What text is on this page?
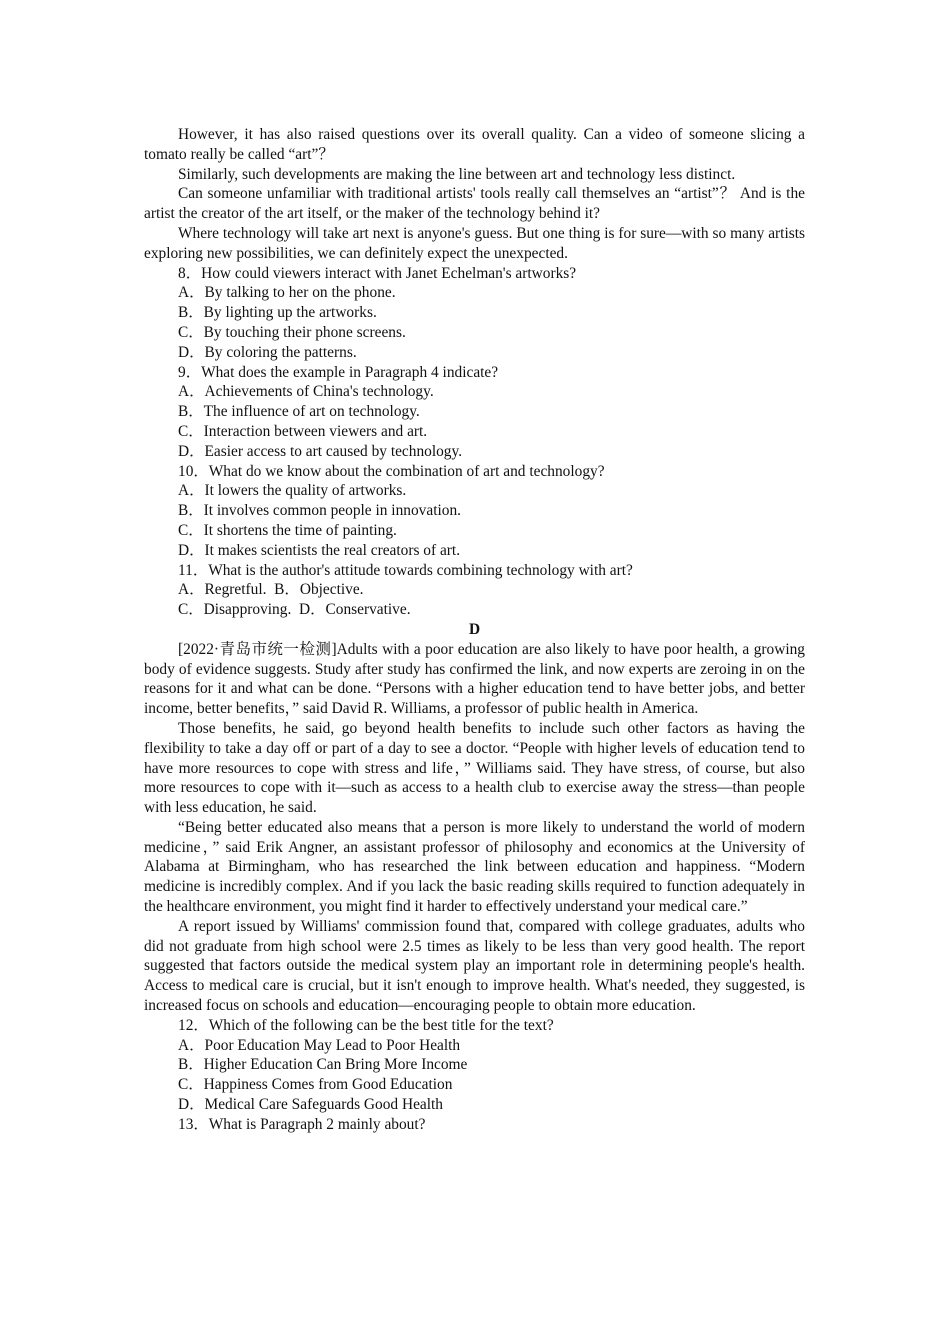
However, it has also raised questions over its overall quality. Can a video of someone slicing a tomato really be called “art”？

Similarly, such developments are making the line between art and technology less distinct.

Can someone unfamiliar with traditional artists' tools really call themselves an “artist”？ And is the artist the creator of the art itself, or the maker of the technology behind it?

Where technology will take art next is anyone's guess. But one thing is for sure—with so many artists exploring new possibilities, we can definitely expect the unexpected.

8．How could viewers interact with Janet Echelman's artworks?

A．By talking to her on the phone.

B．By lighting up the artworks.

C．By touching their phone screens.

D．By coloring the patterns.

9．What does the example in Paragraph 4 indicate?

A．Achievements of China's technology.

B．The influence of art on technology.

C．Interaction between viewers and art.

D．Easier access to art caused by technology.

10．What do we know about the combination of art and technology?

A．It lowers the quality of artworks.

B．It involves common people in innovation.

C．It shortens the time of painting.

D．It makes scientists the real creators of art.

11．What is the author's attitude towards combining technology with art?

A．Regretful.  B．Objective.

C．Disapproving.  D．Conservative.

D

[2022·青岛市统一检测]Adults with a poor education are also likely to have poor health, a growing body of evidence suggests. Study after study has confirmed the link, and now experts are zeroing in on the reasons for it and what can be done. “Persons with a higher education tend to have better jobs, and better income, better benefits，” said David R. Williams, a professor of public health in America.

Those benefits, he said, go beyond health benefits to include such other factors as having the flexibility to take a day off or part of a day to see a doctor. “People with higher levels of education tend to have more resources to cope with stress and life，” Williams said. They have stress, of course, but also more resources to cope with it—such as access to a health club to exercise away the stress—than people with less education, he said.

“Being better educated also means that a person is more likely to understand the world of modern medicine，” said Erik Angner, an assistant professor of philosophy and economics at the University of Alabama at Birmingham, who has researched the link between education and happiness. “Modern medicine is incredibly complex. And if you lack the basic reading skills required to function adequately in the healthcare environment, you might find it harder to effectively understand your medical care.”

A report issued by Williams' commission found that, compared with college graduates, adults who did not graduate from high school were 2.5 times as likely to be less than very good health. The report suggested that factors outside the medical system play an important role in determining people's health. Access to medical care is crucial, but it isn't enough to improve health. What's needed, they suggested, is increased focus on schools and education—encouraging people to obtain more education.

12．Which of the following can be the best title for the text?

A．Poor Education May Lead to Poor Health

B．Higher Education Can Bring More Income

C．Happiness Comes from Good Education

D．Medical Care Safeguards Good Health

13．What is Paragraph 2 mainly about?
